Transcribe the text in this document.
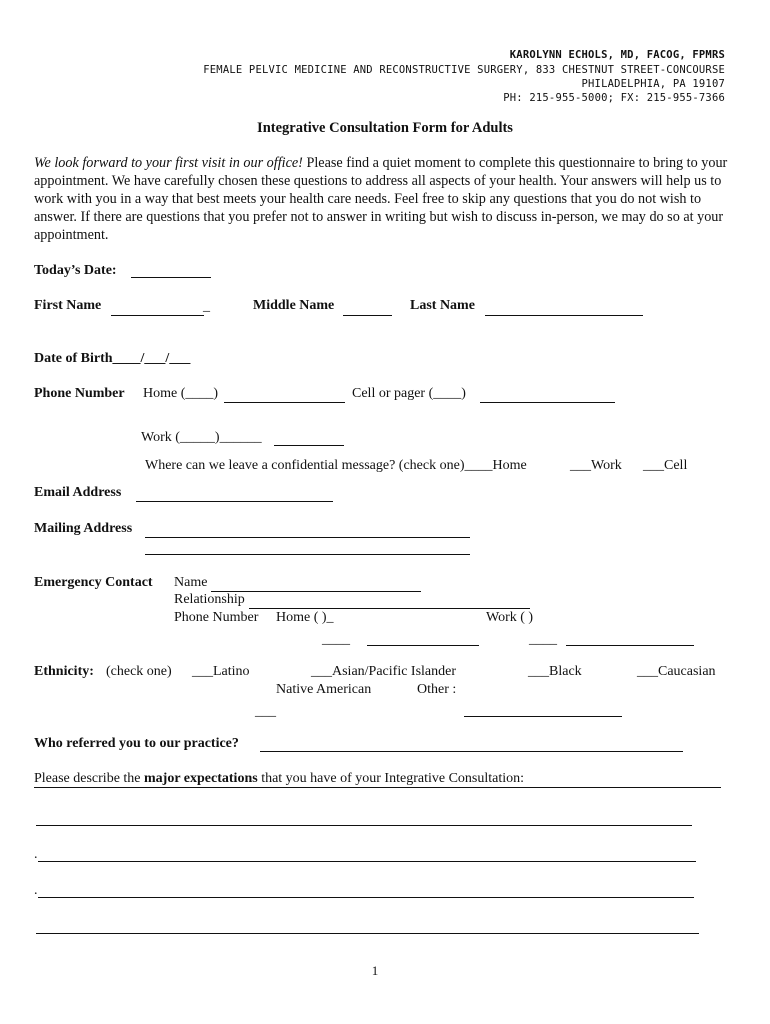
KAROLYNN ECHOLS, MD, FACOG, FPMRS
FEMALE PELVIC MEDICINE AND RECONSTRUCTIVE SURGERY, 833 CHESTNUT STREET-CONCOURSE
PHILADELPHIA, PA 19107
PH: 215-955-5000; FX: 215-955-7366
Integrative Consultation Form for Adults
We look forward to your first visit in our office! Please find a quiet moment to complete this questionnaire to bring to your appointment. We have carefully chosen these questions to address all aspects of your health. Your answers will help us to work with you in a way that best meets your health care needs. Feel free to skip any questions that you do not wish to answer. If there are questions that you prefer not to answer in writing but wish to discuss in-person, we may do so at your appointment.
Today’s Date:
First Name	_	Middle Name	Last Name
Date of Birth____/___/___
Phone Number Home (____)	Cell or pager (____)
Work (_____)______
Where can we leave a confidential message? (check one)____Home	___Work ___Cell
Email Address
Mailing Address
Emergency Contact Name
Relationship
Phone Number Home ( )_	Work ( )
____	____
Ethnicity: (check one) ___Latino	___Asian/Pacific Islander	___Black	___Caucasian
Native American	Other :
___
Who referred you to our practice?
Please describe the major expectations that you have of your Integrative Consultation:
.
.
1
